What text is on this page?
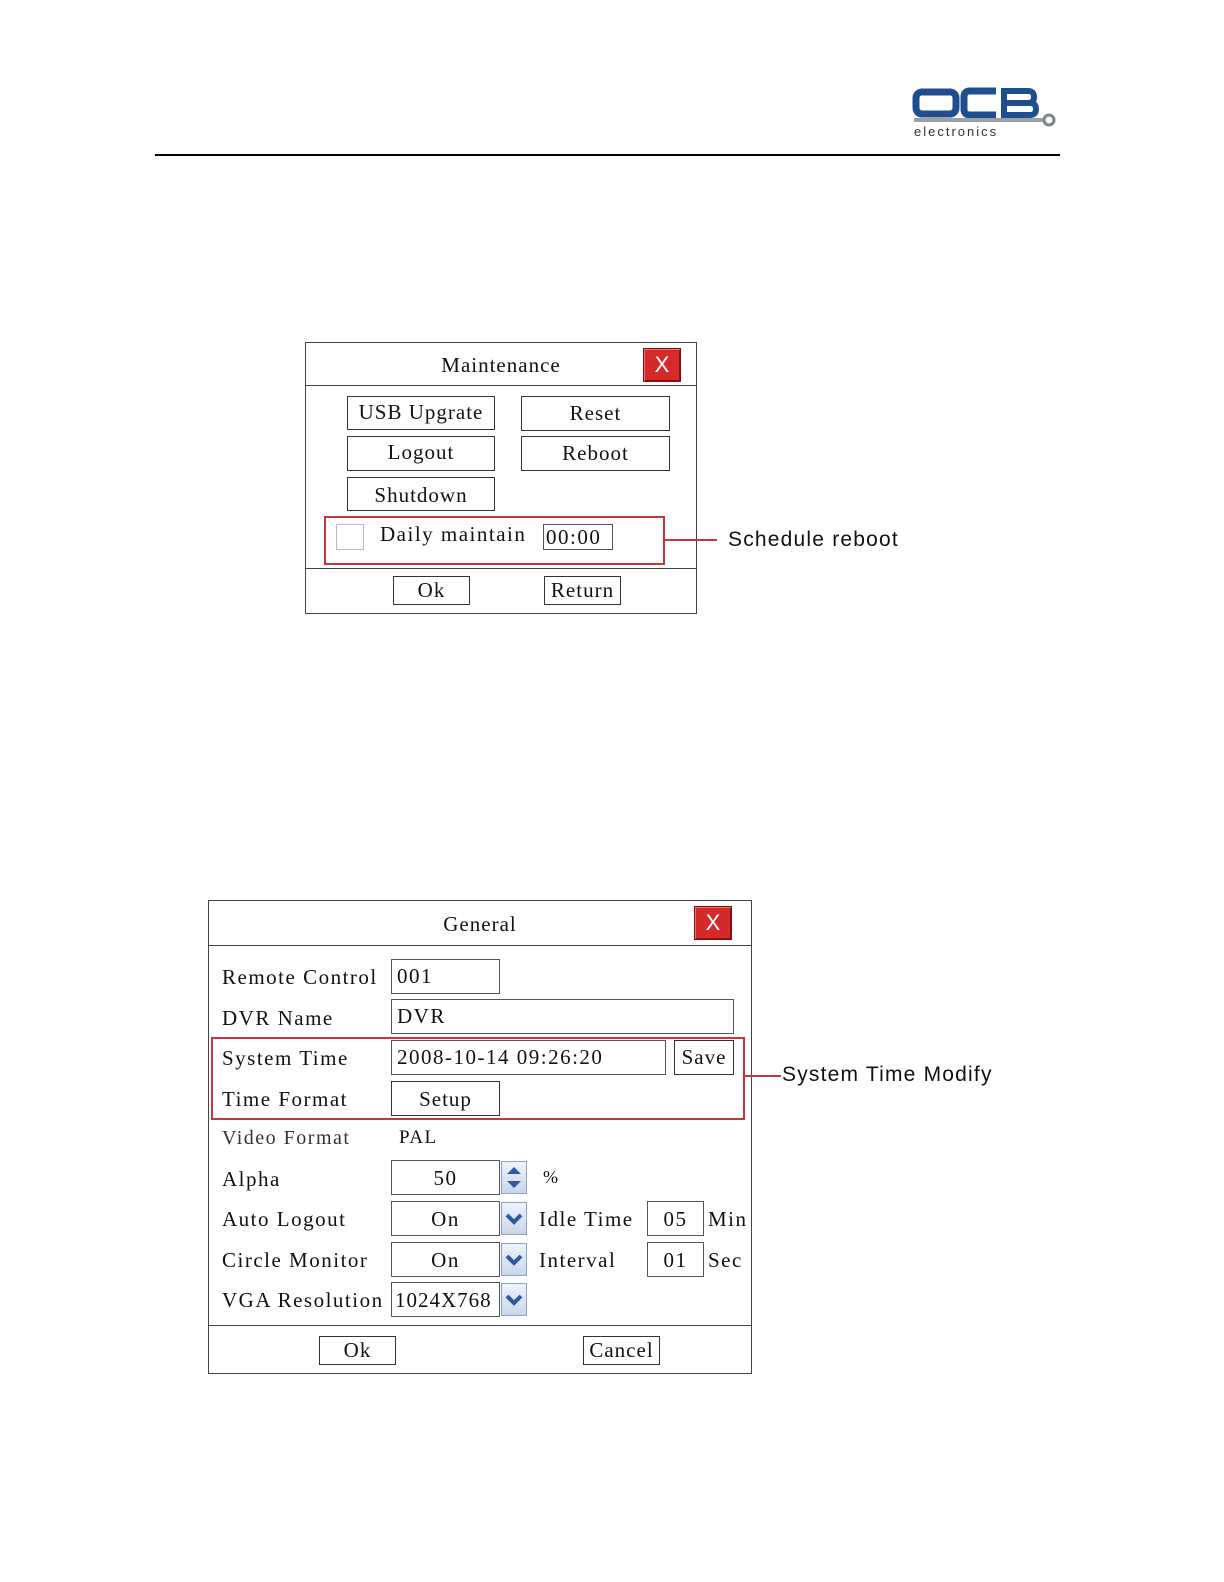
electronics
Maintenance	X
USB Upgrate	Reset
Logout	Reboot
Shutdown
Daily maintain 00:00
Ok	Return
Schedule reboot
General	X
Remote Control 001
DVR Name	DVR
System Time 2008-10-14 09:26:20	Save
Time Format	Setup
Video Format	PAL
Alpha	50	%
Auto Logout	On	Idle Time	05 Min
Circle Monitor	On	Interval	01 Sec
VGA Resolution 1024X768
Ok	Cancel
System Time Modify
